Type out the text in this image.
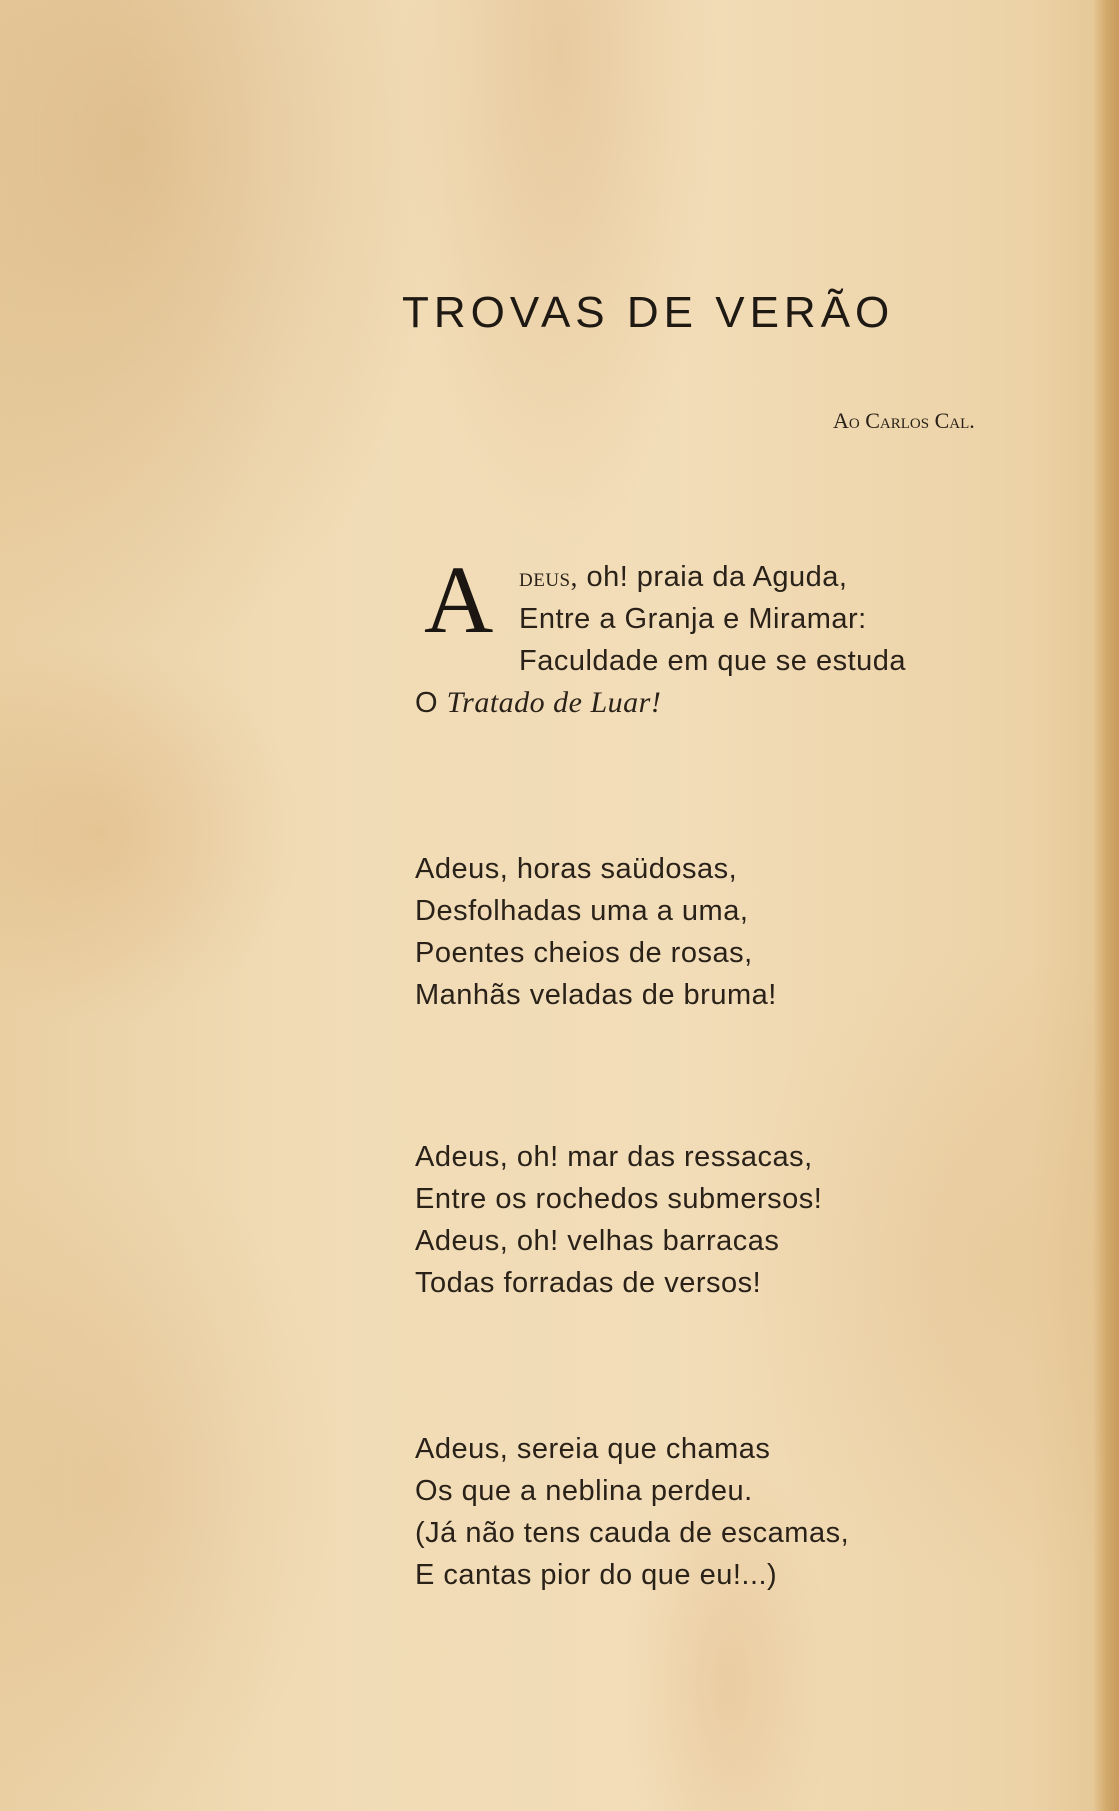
TROVAS DE VERÃO
Ao Carlos Cal.
A deus, oh! praia da Aguda,
Entre a Granja e Miramar:
Faculdade em que se estuda
O Tratado de Luar!
Adeus, horas saüdosas,
Desfolhadas uma a uma,
Poentes cheios de rosas,
Manhãs veladas de bruma!
Adeus, oh! mar das ressacas,
Entre os rochedos submersos!
Adeus, oh! velhas barracas
Todas forradas de versos!
Adeus, sereia que chamas
Os que a neblina perdeu.
(Já não tens cauda de escamas,
E cantas pior do que eu!...)
